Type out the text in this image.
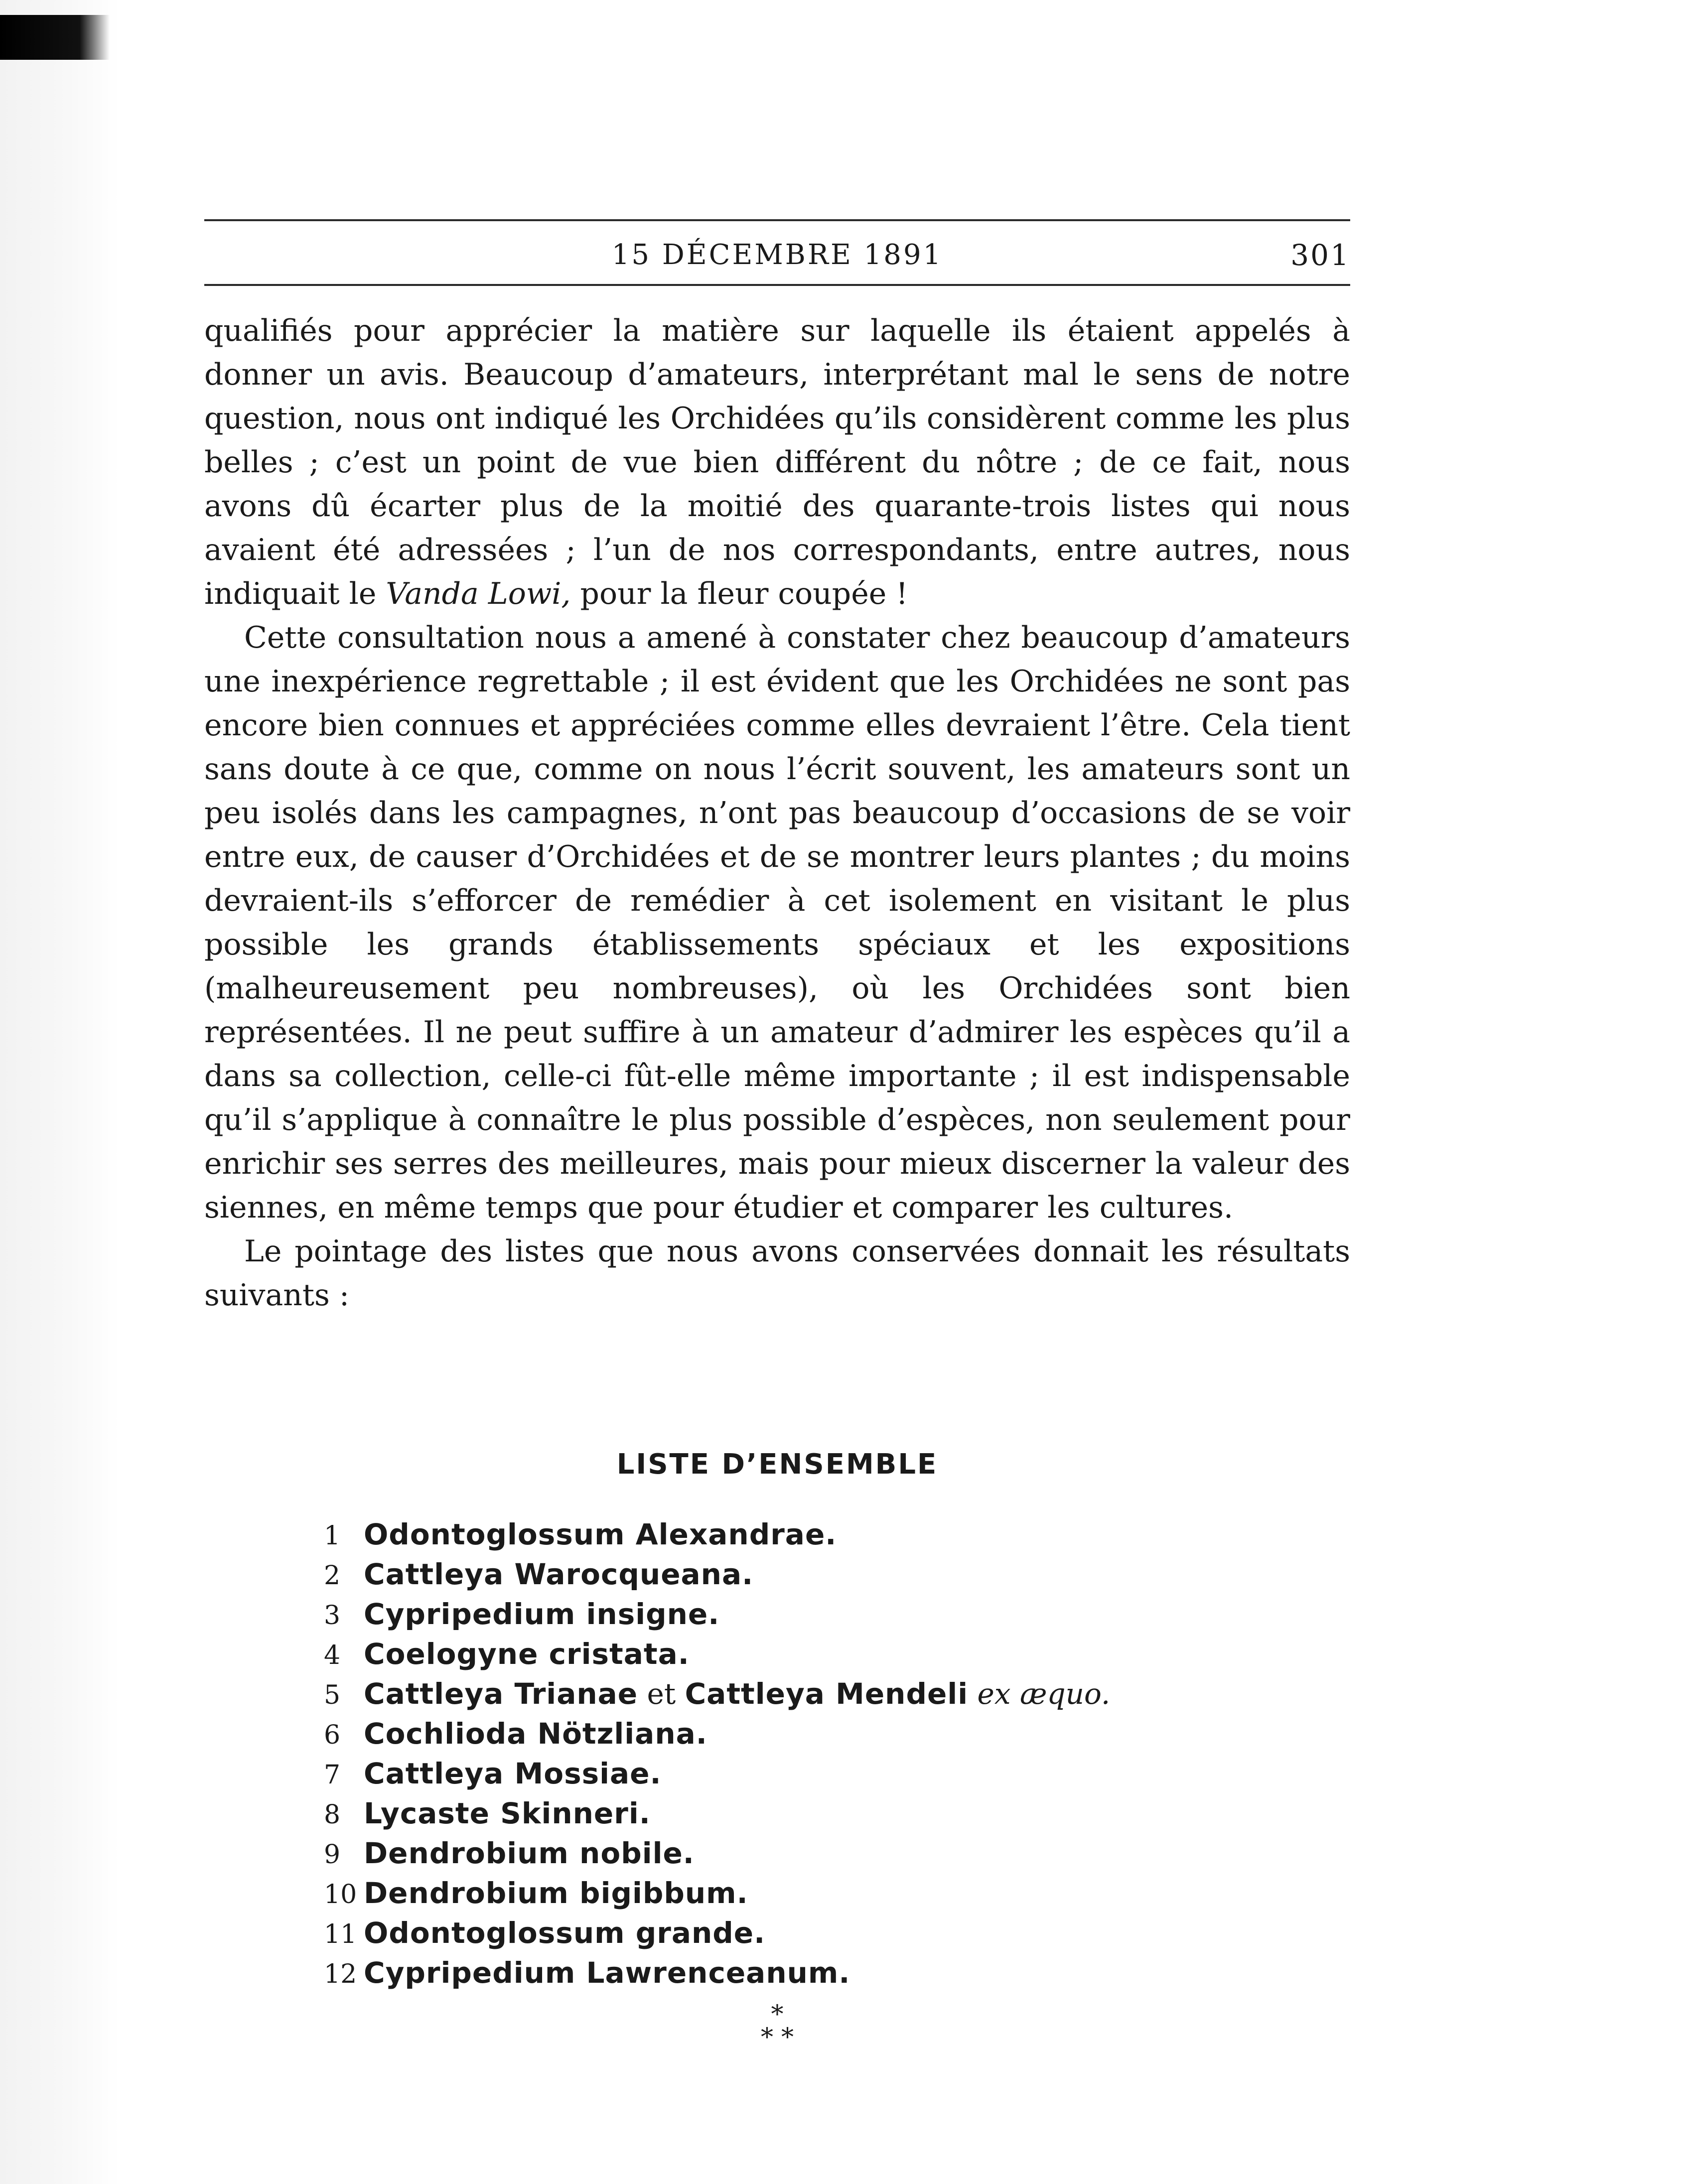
15 DÉCEMBRE 1891	301

qualifiés pour apprécier la matière sur laquelle ils étaient appelés à donner un avis. Beaucoup d’amateurs, interprétant mal le sens de notre question, nous ont indiqué les Orchidées qu’ils considèrent comme les plus belles ; c’est un point de vue bien différent du nôtre ; de ce fait, nous avons dû écarter plus de la moitié des quarante-trois listes qui nous avaient été adressées ; l’un de nos correspondants, entre autres, nous indiquait le Vanda Lowi, pour la fleur coupée !

Cette consultation nous a amené à constater chez beaucoup d’amateurs une inexpérience regrettable ; il est évident que les Orchidées ne sont pas encore bien connues et appréciées comme elles devraient l’être. Cela tient sans doute à ce que, comme on nous l’écrit souvent, les amateurs sont un peu isolés dans les campagnes, n’ont pas beaucoup d’occasions de se voir entre eux, de causer d’Orchidées et de se montrer leurs plantes ; du moins devraient-ils s’efforcer de remédier à cet isolement en visitant le plus possible les grands établissements spéciaux et les expositions (malheureusement peu nombreuses), où les Orchidées sont bien représentées. Il ne peut suffire à un amateur d’admirer les espèces qu’il a dans sa collection, celle-ci fût-elle même importante ; il est indispensable qu’il s’applique à connaître le plus possible d’espèces, non seulement pour enrichir ses serres des meilleures, mais pour mieux discerner la valeur des siennes, en même temps que pour étudier et comparer les cultures.

Le pointage des listes que nous avons conservées donnait les résultats suivants :

LISTE D’ENSEMBLE
1 Odontoglossum Alexandrae.
2 Cattleya Warocqueana.
3 Cypripedium insigne.
4 Coelogyne cristata.
5 Cattleya Trianae et Cattleya Mendeli ex æquo.
6 Cochlioda Nötzliana.
7 Cattleya Mossiae.
8 Lycaste Skinneri.
9 Dendrobium nobile.
10 Dendrobium bigibbum.
11 Odontoglossum grande.
12 Cypripedium Lawrenceanum.
*
* *
